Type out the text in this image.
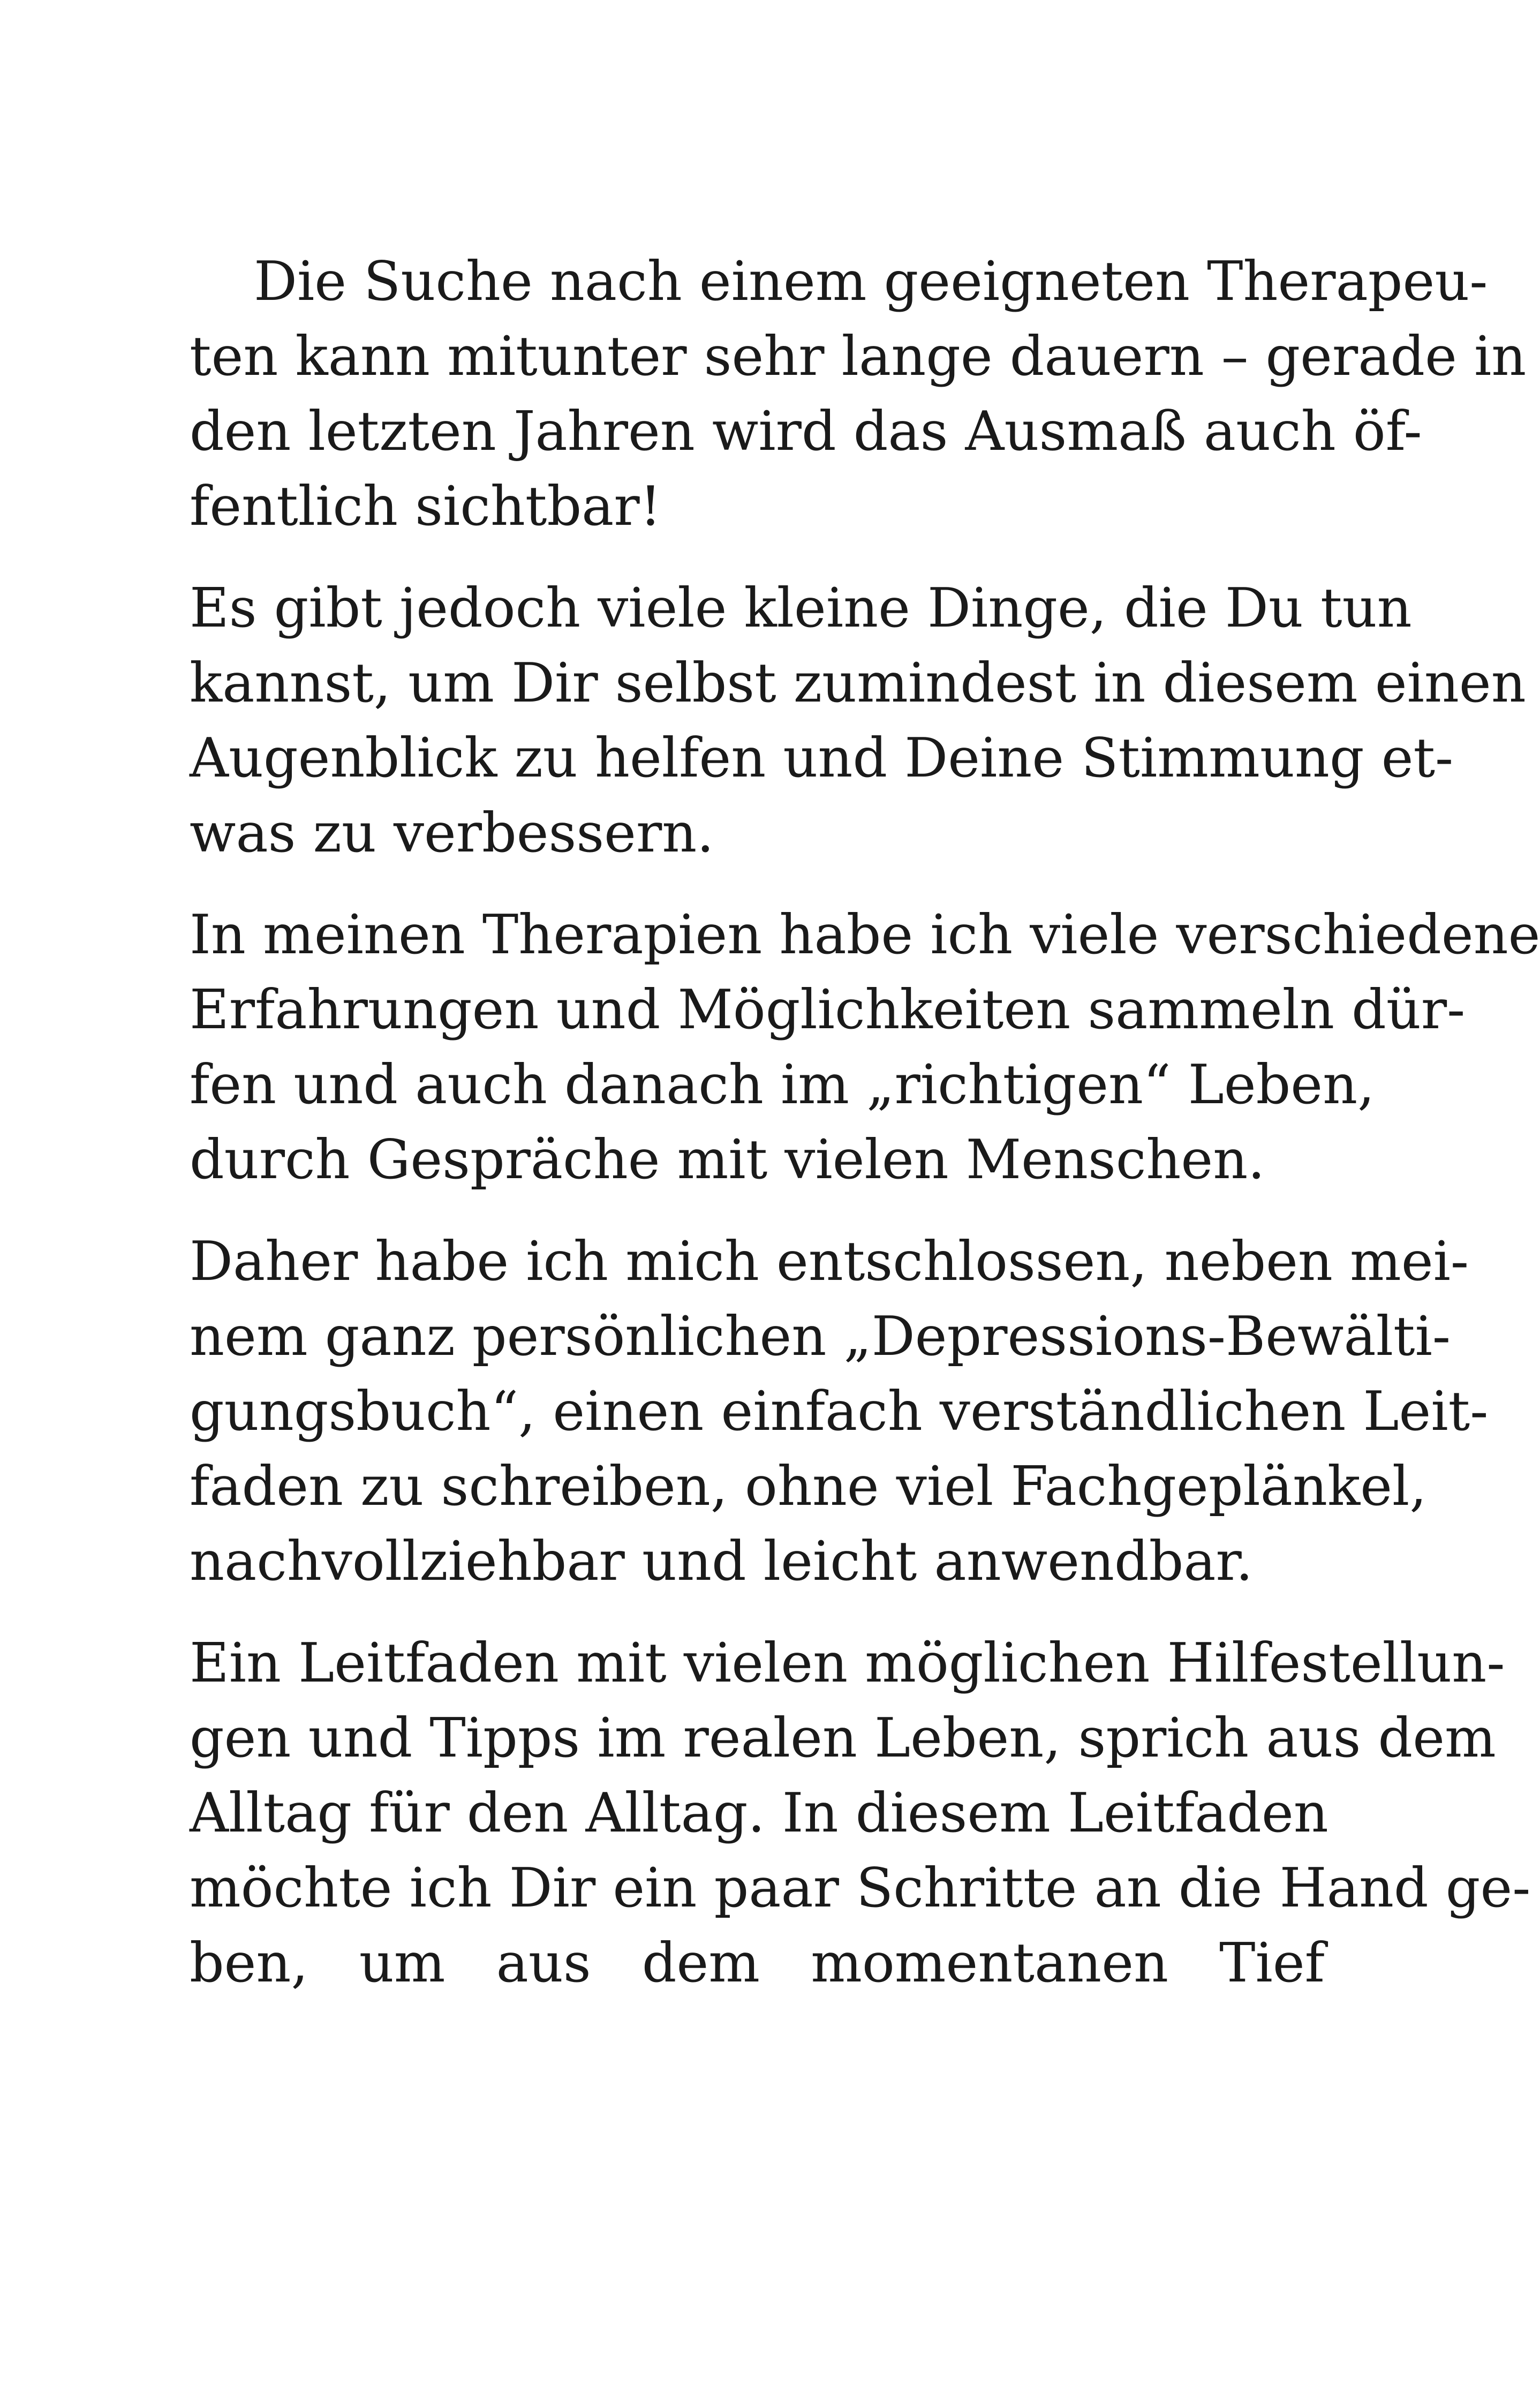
Die Suche nach einem geeigneten Therapeu-
ten kann mitunter sehr lange dauern – gerade in
den letzten Jahren wird das Ausmaß auch öf-
fentlich sichtbar!
Es gibt jedoch viele kleine Dinge, die Du tun
kannst, um Dir selbst zumindest in diesem einen
Augenblick zu helfen und Deine Stimmung et-
was zu verbessern.
In meinen Therapien habe ich viele verschiedene
Erfahrungen und Möglichkeiten sammeln dür-
fen und auch danach im „richtigen“ Leben,
durch Gespräche mit vielen Menschen.
Daher habe ich mich entschlossen, neben mei-
nem ganz persönlichen „Depressions-Bewälti-
gungsbuch“, einen einfach verständlichen Leit-
faden zu schreiben, ohne viel Fachgeplänkel,
nachvollziehbar und leicht anwendbar.
Ein Leitfaden mit vielen möglichen Hilfestellun-
gen und Tipps im realen Leben, sprich aus dem
Alltag für den Alltag. In diesem Leitfaden
möchte ich Dir ein paar Schritte an die Hand ge-
ben, um aus dem momentanen Tief
